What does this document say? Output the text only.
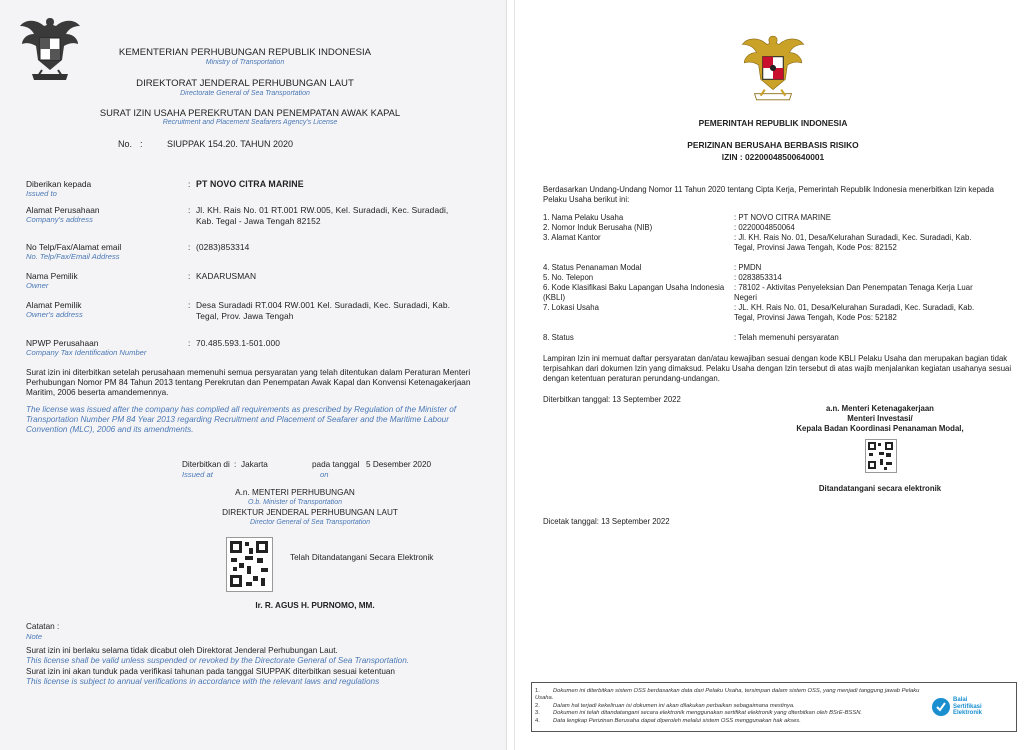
KEMENTERIAN PERHUBUNGAN REPUBLIK INDONESIA
Ministry of Transportation
DIREKTORAT JENDERAL PERHUBUNGAN LAUT
Directorate General of Sea Transportation
SURAT IZIN USAHA PEREKRUTAN DAN PENEMPATAN AWAK KAPAL
Recruitment and Placement Seafarers Agency's License
No. :	SIUPPAK 154.20. TAHUN 2020
Diberikan kepada
Issued to
: PT NOVO CITRA MARINE
Alamat Perusahaan
Company's address
: Jl. KH. Rais No. 01 RT.001 RW.005, Kel. Suradadi, Kec. Suradadi, Kab. Tegal - Jawa Tengah 82152
No Telp/Fax/Alamat email
No. Telp/Fax/Email Address
: (0283)853314
Nama Pemilik
Owner
: KADARUSMAN
Alamat Pemilik
Owner's address
: Desa Suradadi RT.004 RW.001 Kel. Suradadi, Kec. Suradadi, Kab. Tegal, Prov. Jawa Tengah
NPWP Perusahaan
Company Tax Identification Number
: 70.485.593.1-501.000
Surat izin ini diterbitkan setelah perusahaan memenuhi semua persyaratan yang telah ditentukan dalam Peraturan Menteri Perhubungan Nomor PM 84 Tahun 2013 tentang Perekrutan dan Penempatan Awak Kapal dan Konvensi Ketenagakerjaan Maritim, 2006 beserta amandemennya.
The license was issued after the company has complied all requirements as prescribed by Regulation of the Minister of Transportation Number PM 84 Year 2013 regarding Recruitment and Placement of Seafarer and the Maritime Labour Convention (MLC), 2006 and its amendments.
Diterbitkan di
Issued at
: Jakarta	pada tanggal
on
5 Desember 2020
A.n. MENTERI PERHUBUNGAN
O.b. Minister of Transportation
DIREKTUR JENDERAL PERHUBUNGAN LAUT
Director General of Sea Transportation
Telah Ditandatangani Secara Elektronik
Ir. R. AGUS H. PURNOMO, MM.
Catatan :
Note
Surat izin ini berlaku selama tidak dicabut oleh Direktorat Jenderal Perhubungan Laut.
This license shall be valid unless suspended or revoked by the Directorate General of Sea Transportation.
Surat izin ini akan tunduk pada verifikasi tahunan pada tanggal SIUPPAK diterbitkan sesuai ketentuan
This license is subject to annual verifications in accordance with the relevant laws and regulations
PEMERINTAH REPUBLIK INDONESIA
PERIZINAN BERUSAHA BERBASIS RISIKO
IZIN : 02200048500640001
Berdasarkan Undang-Undang Nomor 11 Tahun 2020 tentang Cipta Kerja, Pemerintah Republik Indonesia menerbitkan Izin kepada Pelaku Usaha berikut ini:
1. Nama Pelaku Usaha	: PT NOVO CITRA MARINE
2. Nomor Induk Berusaha (NIB)	: 0220004850064
3. Alamat Kantor	: Jl. KH. Rais No. 01, Desa/Kelurahan Suradadi, Kec. Suradadi, Kab. Tegal, Provinsi Jawa Tengah, Kode Pos: 82152
4. Status Penanaman Modal	: PMDN
5. No. Telepon	: 0283853314
6. Kode Klasifikasi Baku Lapangan Usaha Indonesia (KBLI)
: 78102 - Aktivitas Penyeleksian Dan Penempatan Tenaga Kerja Luar Negeri
7. Lokasi Usaha	: JL. KH. Rais No. 01, Desa/Kelurahan Suradadi, Kec. Suradadi, Kab. Tegal, Provinsi Jawa Tengah, Kode Pos: 52182
8. Status	: Telah memenuhi persyaratan
Lampiran Izin ini memuat daftar persyaratan dan/atau kewajiban sesuai dengan kode KBLI Pelaku Usaha dan merupakan bagian tidak terpisahkan dari dokumen Izin yang dimaksud. Pelaku Usaha dengan Izin tersebut di atas wajib menjalankan kegiatan usahanya sesuai dengan ketentuan peraturan perundang-undangan.
Diterbitkan tanggal: 13 September 2022
a.n. Menteri Ketenagakerjaan
Menteri Investasi/
Kepala Badan Koordinasi Penanaman Modal,
Ditandatangani secara elektronik
Dicetak tanggal: 13 September 2022
1. Dokumen ini diterbitkan sistem OSS berdasarkan data dari Pelaku Usaha, tersimpan dalam sistem OSS, yang menjadi tanggung jawab Pelaku Usaha.
2. Dalam hal terjadi kekeliruan isi dokumen ini akan dilakukan perbaikan sebagaimana mestinya.
3. Dokumen ini telah ditandatangani secara elektronik menggunakan sertifikat elektronik yang diterbitkan oleh BSrE-BSSN.
4. Data lengkap Perizinan Berusaha dapat diperoleh melalui sistem OSS menggunakan hak akses.
Balai
Sertifikasi
Elektronik
